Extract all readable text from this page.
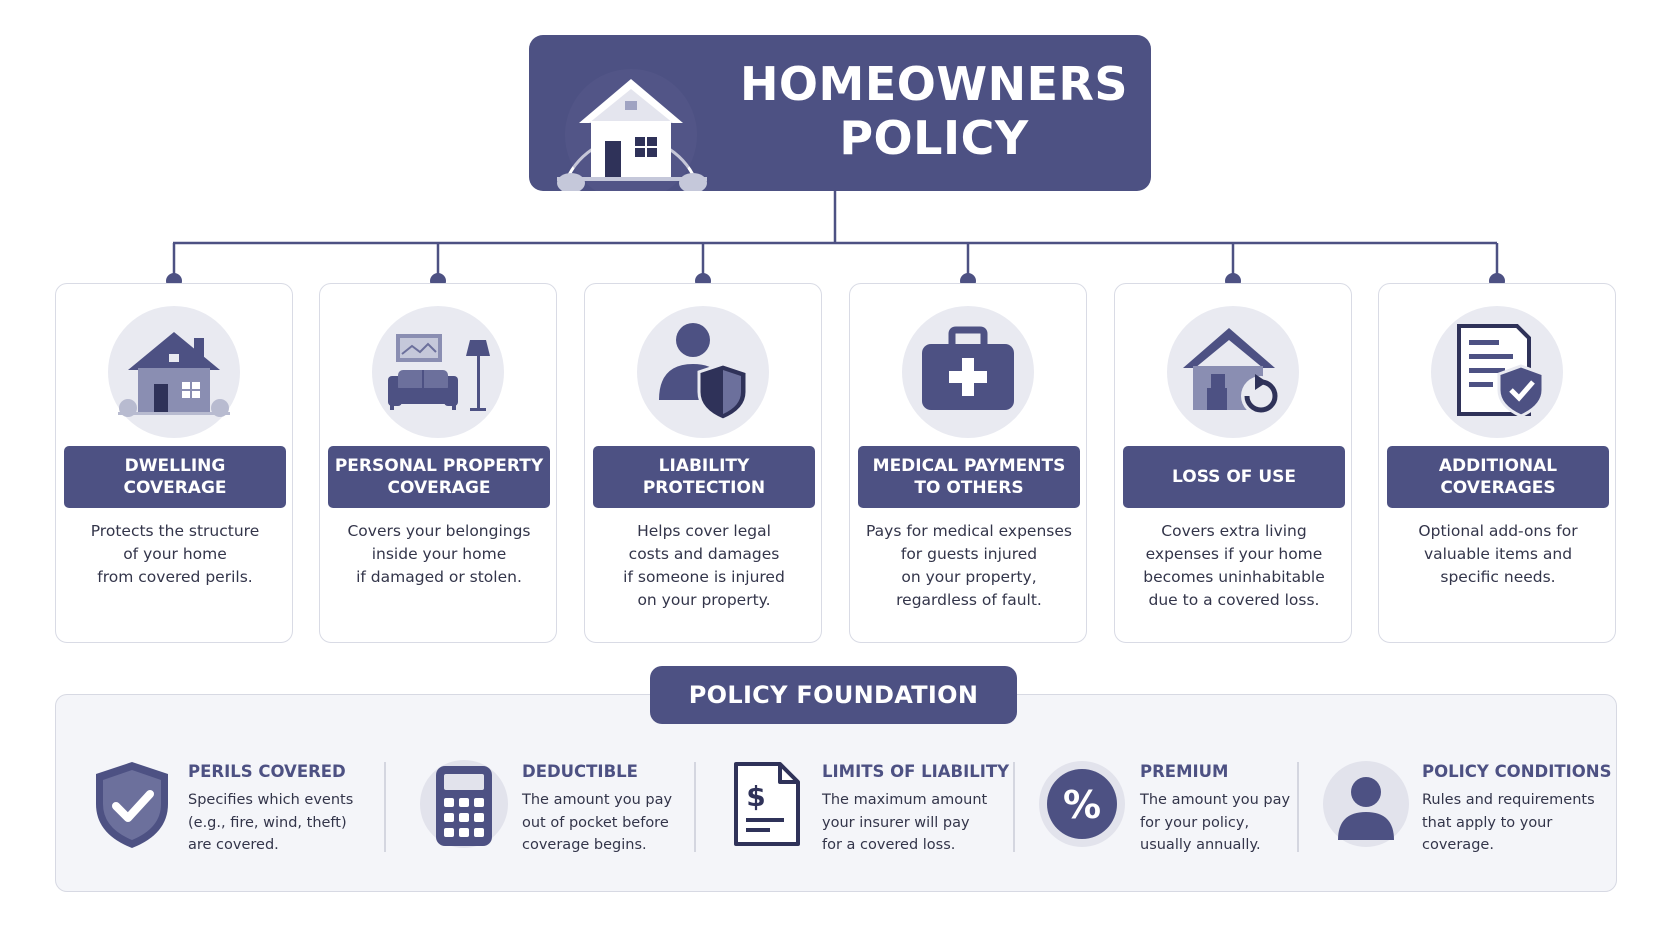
HOMEOWNERS
POLICY
DWELLING
COVERAGE
Protects the structure
of your home
from covered perils.
PERSONAL PROPERTY
COVERAGE
Covers your belongings
inside your home
if damaged or stolen.
LIABILITY
PROTECTION
Helps cover legal
costs and damages
if someone is injured
on your property.
MEDICAL PAYMENTS
TO OTHERS
Pays for medical expenses
for guests injured
on your property,
regardless of fault.
LOSS OF USE
Covers extra living
expenses if your home
becomes uninhabitable
due to a covered loss.
ADDITIONAL
COVERAGES
Optional add-ons for
valuable items and
specific needs.
POLICY FOUNDATION
PERILS COVERED
Specifies which events
(e.g., fire, wind, theft)
are covered.
DEDUCTIBLE
The amount you pay
out of pocket before
coverage begins.
$
LIMITS OF LIABILITY
The maximum amount
your insurer will pay
for a covered loss.
%
PREMIUM
The amount you pay
for your policy,
usually annually.
POLICY CONDITIONS
Rules and requirements
that apply to your
coverage.
